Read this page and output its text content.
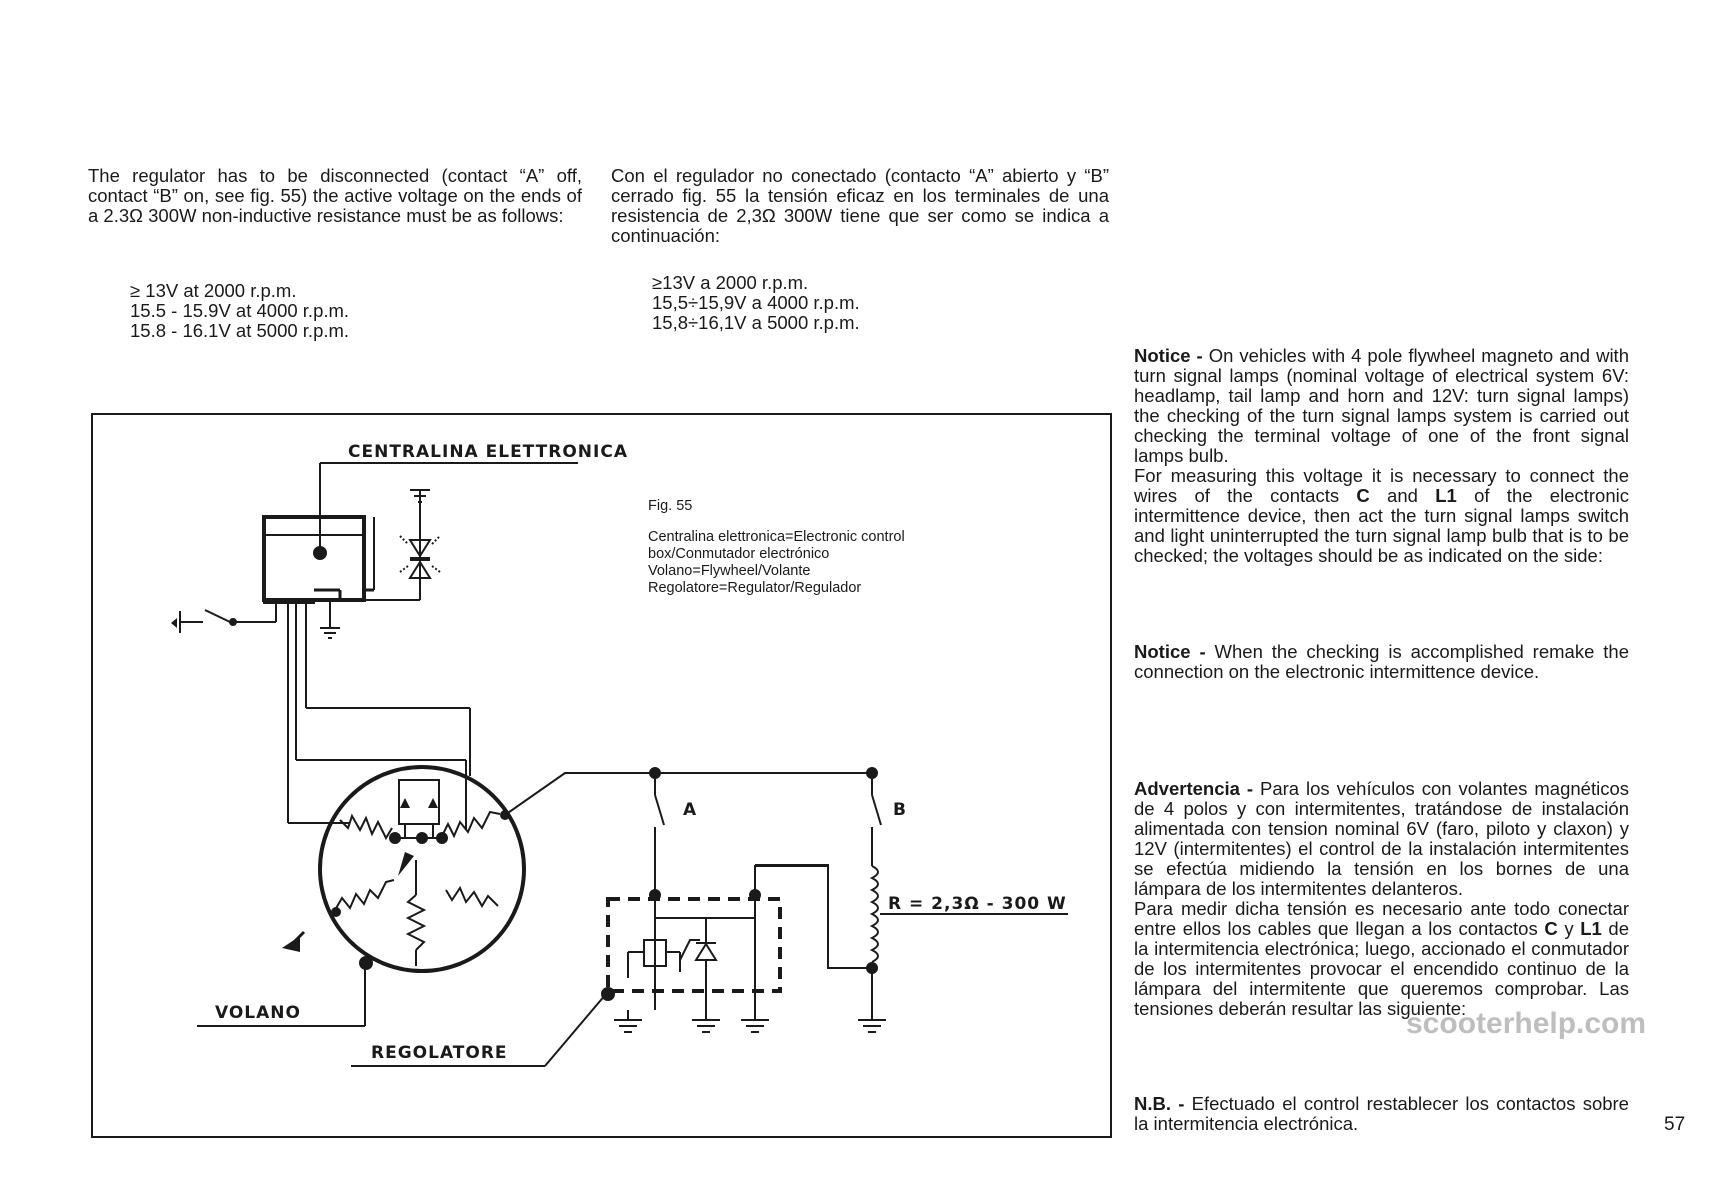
The regulator has to be disconnected (contact “A” off, contact “B” on, see fig. 55) the active voltage on the ends of a 2.3Ω 300W non-inductive resistance must be as follows:

≥ 13V at 2000 r.p.m.
15.5 - 15.9V at 4000 r.p.m.
15.8 - 16.1V at 5000 r.p.m.

Con el regulador no conectado (contacto “A” abierto y “B” cerrado fig. 55 la tensión eficaz en los terminales de una resistencia de 2,3Ω 300W tiene que ser como se indica a continuación:

≥13V a 2000 r.p.m.
15,5÷15,9V a 4000 r.p.m.
15,8÷16,1V a 5000 r.p.m.

Notice - On vehicles with 4 pole flywheel magneto and with turn signal lamps (nominal voltage of electrical system 6V: headlamp, tail lamp and horn and 12V: turn signal lamps) the checking of the turn signal lamps system is carried out checking the terminal voltage of one of the front signal lamps bulb.

For measuring this voltage it is necessary to connect the wires of the contacts C and L1 of the electronic intermittence device, then act the turn signal lamps switch and light uninterrupted the turn signal lamp bulb that is to be checked; the voltages should be as indicated on the side:

Notice - When the checking is accomplished remake the connection on the electronic intermittence device.

Advertencia - Para los vehículos con volantes magnéticos de 4 polos y con intermitentes, tratándose de instalación alimentada con tension nominal 6V (faro, piloto y claxon) y 12V (intermitentes) el control de la instalación intermitentes se efectúa midiendo la tensión en los bornes de una lámpara de los intermitentes delanteros.

Para medir dicha tensión es necesario ante todo conectar entre ellos los cables que llegan a los contactos C y L1 de la intermitencia electrónica; luego, accionado el conmutador de los intermitentes provocar el encendido continuo de la lámpara del intermitente que queremos comprobar. Las tensiones deberán resultar las siguiente:

N.B. - Efectuado el control restablecer los contactos sobre la intermitencia electrónica.

CENTRALINA ELETTRONICA
VOLANO
REGOLATORE
A	B
R = 2,3Ω - 300 W
Fig. 55
Centralina elettronica=Electronic control
box/Conmutador electrónico
Volano=Flywheel/Volante
Regolatore=Regulator/Regulador
scooterhelp.com
57
